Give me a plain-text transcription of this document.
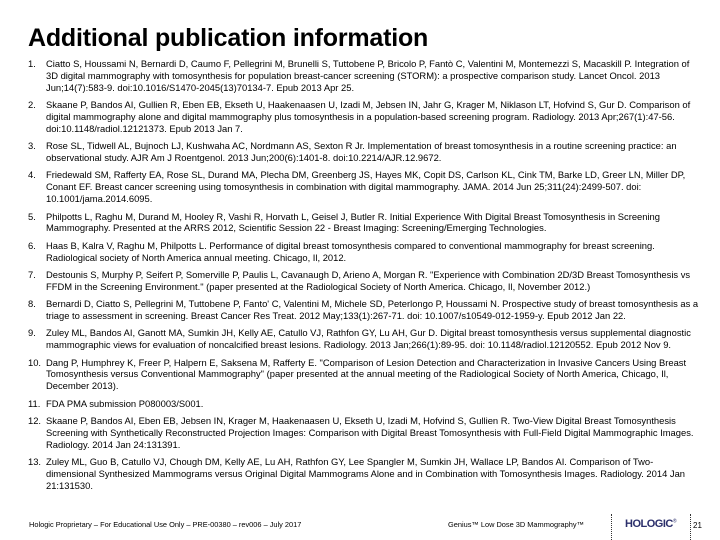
Additional publication information
1.	Ciatto S, Houssami N, Bernardi D, Caumo F, Pellegrini M, Brunelli S, Tuttobene P, Bricolo P, Fantò C, Valentini M, Montemezzi S, Macaskill P. Integration of 3D digital mammography with tomosynthesis for population breast-cancer screening (STORM): a prospective comparison study. Lancet Oncol. 2013 Jun;14(7):583-9. doi:10.1016/S1470-2045(13)70134-7. Epub 2013 Apr 25.
2.	Skaane P, Bandos AI, Gullien R, Eben EB, Ekseth U, Haakenaasen U, Izadi M, Jebsen IN, Jahr G, Krager M, Niklason LT, Hofvind S, Gur D. Comparison of digital mammography alone and digital mammography plus tomosynthesis in a population-based screening program. Radiology. 2013 Apr;267(1):47-56. doi:10.1148/radiol.12121373. Epub 2013 Jan 7.
3.	Rose SL, Tidwell AL, Bujnoch LJ, Kushwaha AC, Nordmann AS, Sexton R Jr. Implementation of breast tomosynthesis in a routine screening practice: an observational study. AJR Am J Roentgenol. 2013 Jun;200(6):1401-8. doi:10.2214/AJR.12.9672.
4.	Friedewald SM, Rafferty EA, Rose SL, Durand MA, Plecha DM, Greenberg JS, Hayes MK, Copit DS, Carlson KL, Cink TM, Barke LD, Greer LN, Miller DP, Conant EF. Breast cancer screening using tomosynthesis in combination with digital mammography. JAMA. 2014 Jun 25;311(24):2499-507. doi: 10.1001/jama.2014.6095.
5.	Philpotts L, Raghu M, Durand M, Hooley R, Vashi R, Horvath L, Geisel J, Butler R. Initial Experience With Digital Breast Tomosynthesis in Screening Mammography. Presented at the ARRS 2012, Scientific Session 22 - Breast Imaging: Screening/Emerging Technologies.
6.	Haas B, Kalra V, Raghu M, Philpotts L. Performance of digital breast tomosynthesis compared to conventional mammography for breast screening. Radiological society of North America annual meeting. Chicago, Il, 2012.
7.	Destounis S, Murphy P, Seifert P, Somerville P, Paulis L, Cavanaugh D, Arieno A, Morgan R. "Experience with Combination 2D/3D Breast Tomosynthesis vs FFDM in the Screening Environment." (paper presented at the Radiological Society of North America. Chicago, Il, November 2012.)
8.	Bernardi D, Ciatto S, Pellegrini M, Tuttobene P, Fanto' C, Valentini M, Michele SD, Peterlongo P, Houssami N. Prospective study of breast tomosynthesis as a triage to assessment in screening. Breast Cancer Res Treat. 2012 May;133(1):267-71. doi: 10.1007/s10549-012-1959-y. Epub 2012 Jan 22.
9.	Zuley ML, Bandos AI, Ganott MA, Sumkin JH, Kelly AE, Catullo VJ, Rathfon GY, Lu AH, Gur D. Digital breast tomosynthesis versus supplemental diagnostic mammographic views for evaluation of noncalcified breast lesions. Radiology. 2013 Jan;266(1):89-95. doi: 10.1148/radiol.12120552. Epub 2012 Nov 9.
10. Dang P, Humphrey K, Freer P, Halpern E, Saksena M, Rafferty E. "Comparison of Lesion Detection and Characterization in Invasive Cancers Using Breast Tomosynthesis versus Conventional Mammography" (paper presented at the annual meeting of the Radiological Society of North America, Chicago, Il, December 2013).
11. FDA PMA submission P080003/S001.
12. Skaane P, Bandos AI, Eben EB, Jebsen IN, Krager M, Haakenaasen U, Ekseth U, Izadi M, Hofvind S, Gullien R. Two-View Digital Breast Tomosynthesis Screening with Synthetically Reconstructed Projection Images: Comparison with Digital Breast Tomosynthesis with Full-Field Digital Mammographic Images. Radiology. 2014 Jan 24:131391.
13. Zuley ML, Guo B, Catullo VJ, Chough DM, Kelly AE, Lu AH, Rathfon GY, Lee Spangler M, Sumkin JH, Wallace LP, Bandos AI. Comparison of Two-dimensional Synthesized Mammograms versus Original Digital Mammograms Alone and in Combination with Tomosynthesis Images. Radiology. 2014 Jan 21:131530.
Hologic Proprietary – For Educational Use Only – PRE-00380 – rev006 – July 2017	Genius™ Low Dose 3D Mammography™	HOLOGIC® 21
